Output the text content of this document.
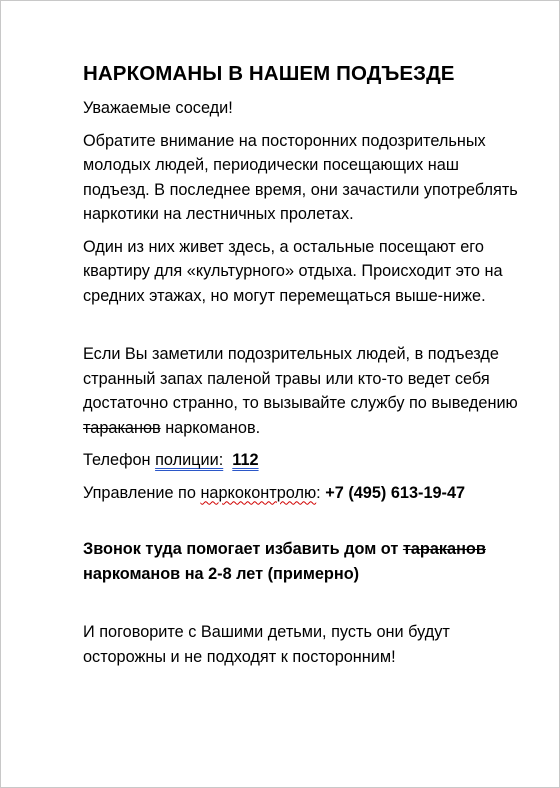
НАРКОМАНЫ В НАШЕМ ПОДЪЕЗДЕ

Уважаемые соседи!

Обратите внимание на посторонних подозрительных молодых людей, периодически посещающих наш подъезд. В последнее время, они зачастили употреблять наркотики на лестничных пролетах.

Один из них живет здесь, а остальные посещают его квартиру для «культурного» отдыха. Происходит это на средних этажах, но могут перемещаться выше-ниже.

Если Вы заметили подозрительных людей, в подъезде странный запах паленой травы или кто-то ведет себя достаточно странно, то вызывайте службу по выведению тараканов наркоманов.

Телефон полиции: 112

Управление по наркоконтролю: +7 (495) 613-19-47

Звонок туда помогает избавить дом от тараканов наркоманов на 2-8 лет (примерно)

И поговорите с Вашими детьми, пусть они будут осторожны и не подходят к посторонним!
